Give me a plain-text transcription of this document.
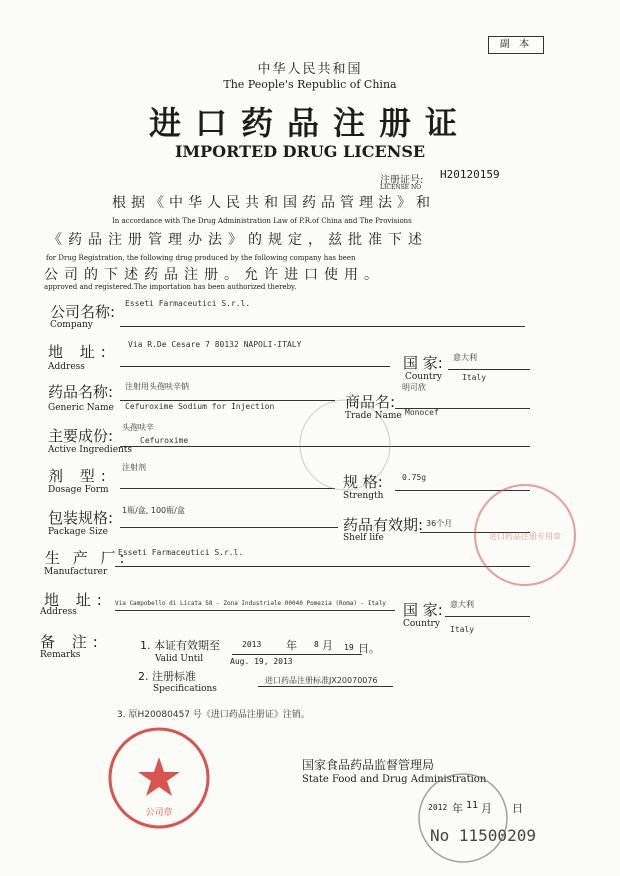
副 本
中华人民共和国
The People's Republic of China
进口药品注册证
IMPORTED DRUG LICENSE
注册证号:
LICENSE NO
H20120159
根据《中华人民共和国药品管理法》和
In accordance with The Drug Administration Law of P.R.of China and The Provisions
《药品注册管理办法》的规定，兹批准下述
for Drug Registration, the following drug produced by the following company has been
公司的下述药品注册。允许进口使用。
approved and registered.The importation has been authorized thereby.
公司名称:
Company
Esseti Farmaceutici S.r.l.
地 址:
Address
Via R.De Cesare 7 80132 NAPOLI-ITALY
国 家:
Country
意大利
Italy
药品名称:
Generic Name
注射用头孢呋辛钠
Cefuroxime Sodium for Injection	商品名:
Trade Name
明可欣
Monocef
主要成份:
Active Ingredients
头孢呋辛
Cefuroxime
剂 型:
Dosage Form
注射剂
规 格:
Strength
0.75g
包装规格:
Package Size
1瓶/盒, 100瓶/盒
药品有效期:
Shelf life
36个月
生 产 厂:
Manufacturer
Esseti Farmaceutici S.r.l.
地 址:
Address
Via Campobello di Licata 58 - Zona Industriale 00040 Pomezia (Roma) - Italy 国 家:
Country
意大利
Italy
备 注:
Remarks
1. 本证有效期至	2013 年 8 月 19 日。
Valid Until	Aug. 19, 2013
2. 注册标准
Specifications
进口药品注册标准JX20070076
3. 原H20080457 号《进口药品注册证》注销。
国家食品药品监督管理局
State Food and Drug Administration
2012 年 11 月 日
No 11500209
公司章
进口药品注册专用章
